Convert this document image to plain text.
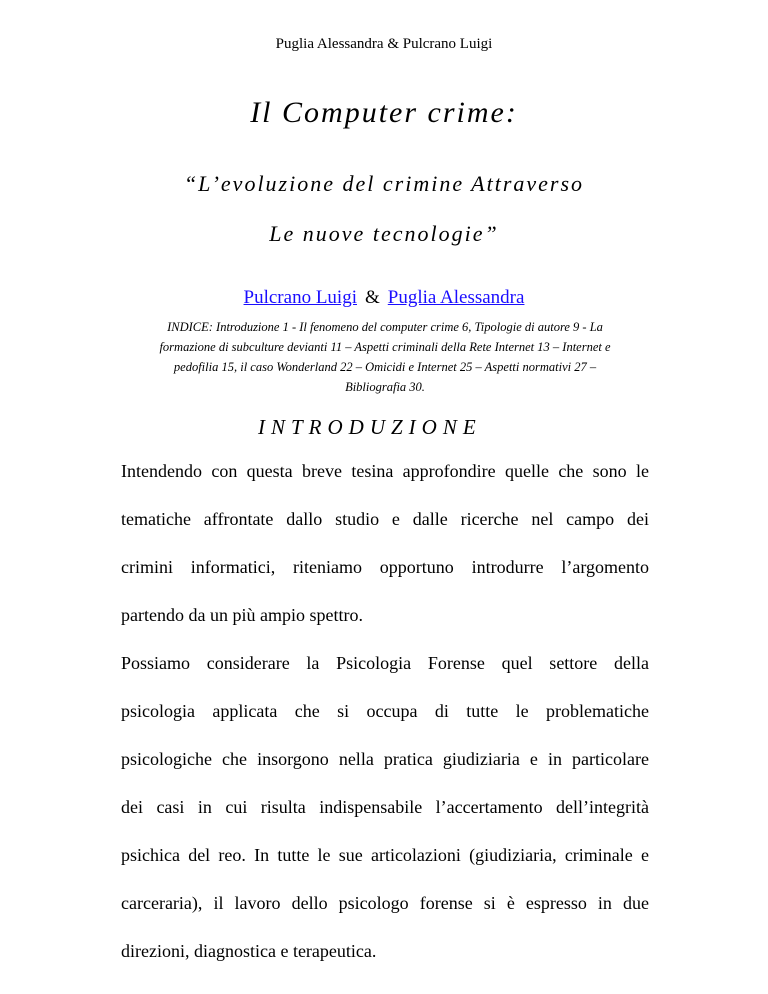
Puglia Alessandra & Pulcrano Luigi
Il Computer crime:
“L’evoluzione del crimine Attraverso
Le nuove tecnologie”
Pulcrano Luigi & Puglia Alessandra
INDICE: Introduzione 1 - Il fenomeno del computer crime 6, Tipologie di autore 9 - La
formazione di subculture devianti 11 – Aspetti criminali della Rete Internet 13 – Internet e
pedofilia 15, il caso Wonderland 22 – Omicidi e Internet 25 – Aspetti normativi 27 –
Bibliografia 30.
INTRODUZIONE
Intendendo con questa breve tesina approfondire quelle che sono le
tematiche affrontate dallo studio e dalle ricerche nel campo dei
crimini informatici, riteniamo opportuno introdurre l’argomento
partendo da un più ampio spettro.
Possiamo considerare la Psicologia Forense quel settore della
psicologia applicata che si occupa di tutte le problematiche
psicologiche che insorgono nella pratica giudiziaria e in particolare
dei casi in cui risulta indispensabile l’accertamento dell’integrità
psichica del reo. In tutte le sue articolazioni (giudiziaria, criminale e
carceraria), il lavoro dello psicologo forense si è espresso in due
direzioni, diagnostica e terapeutica.
